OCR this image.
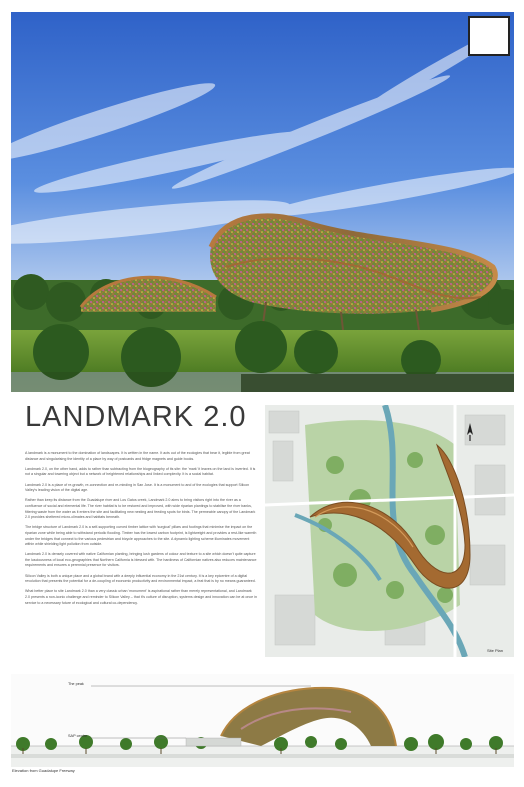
LANDMARK 2.0

A landmark is a monument to the domination of landscapes. It is written in the name. It acts out of the ecologies that bear it, legible from great distance and singularising the identity of a place by way of postcards and fridge magnets and guide books.

Landmark 2.0, on the other hand, adds to rather than subtracting from the biogeography of its site: the 'mark' it leaves on the land is inverted. It is not a singular and towering object but a network of heightened relationships and linked complexity. It is a social habitat.

Landmark 2.0 is a place of re-growth, re-connection and re-minding in San Jose. It is a monument to and of the ecologies that support Silicon Valley's leading vision of the digital age.

Rather than keep its distance from the Guadalupe river and Los Gatos creek, Landmark 2.0 aims to bring visitors right into the river as a confluence of social and elemental life. The river habitat is to be restored and improved, with wide riparian plantings to stabilise the river banks, filtering waste from the water as it enters the site and facilitating new nesting and feeding spots for birds. The permeable canopy of the Landmark 2.0 provides sheltered micro-climates and habitats beneath.

The bridge structure of Landmark 2.0 is a self-supporting curved timber lattice with 'surgical' pillars and footings that minimise the impact on the riparian zone while being able to withstand periodic flooding. Timber has the lowest carbon footprint, is lightweight and provides a rest-like warmth under the bridges that connect to the various pedestrian and bicycle approaches to the site. A dynamic lighting scheme illuminates movement within while shielding light pollution from outside.

Landmark 2.0 is densely covered with native Californian planting, bringing lush gardens of colour and texture to a site which doesn't quite capture the lusciousness of local eco-geographies that Northern California is blessed with. The hardiness of Californian natives also reduces maintenance requirements and ensures a perennial presence for visitors.

Silicon Valley is both a unique place and a global brand with a deeply influential economy in the 21st century. It is a key epicentre of a digital revolution that presents the potential for a de-coupling of economic productivity and environmental impact, a feat that is by no means guaranteed.

What better place to site Landmark 2.0 than a very classic urban 'monument' is aspirational rather than merely representational, and Landmark 2.0 presents a non-iconic challenge and reminder to Silicon Valley – that it's culture of disruption, systems design and innovation can be at once in service to a necessary future of ecological and cultural co-dependency.

Site Plan
The peak
SAP centre
Elevation from Guadalupe Freeway
